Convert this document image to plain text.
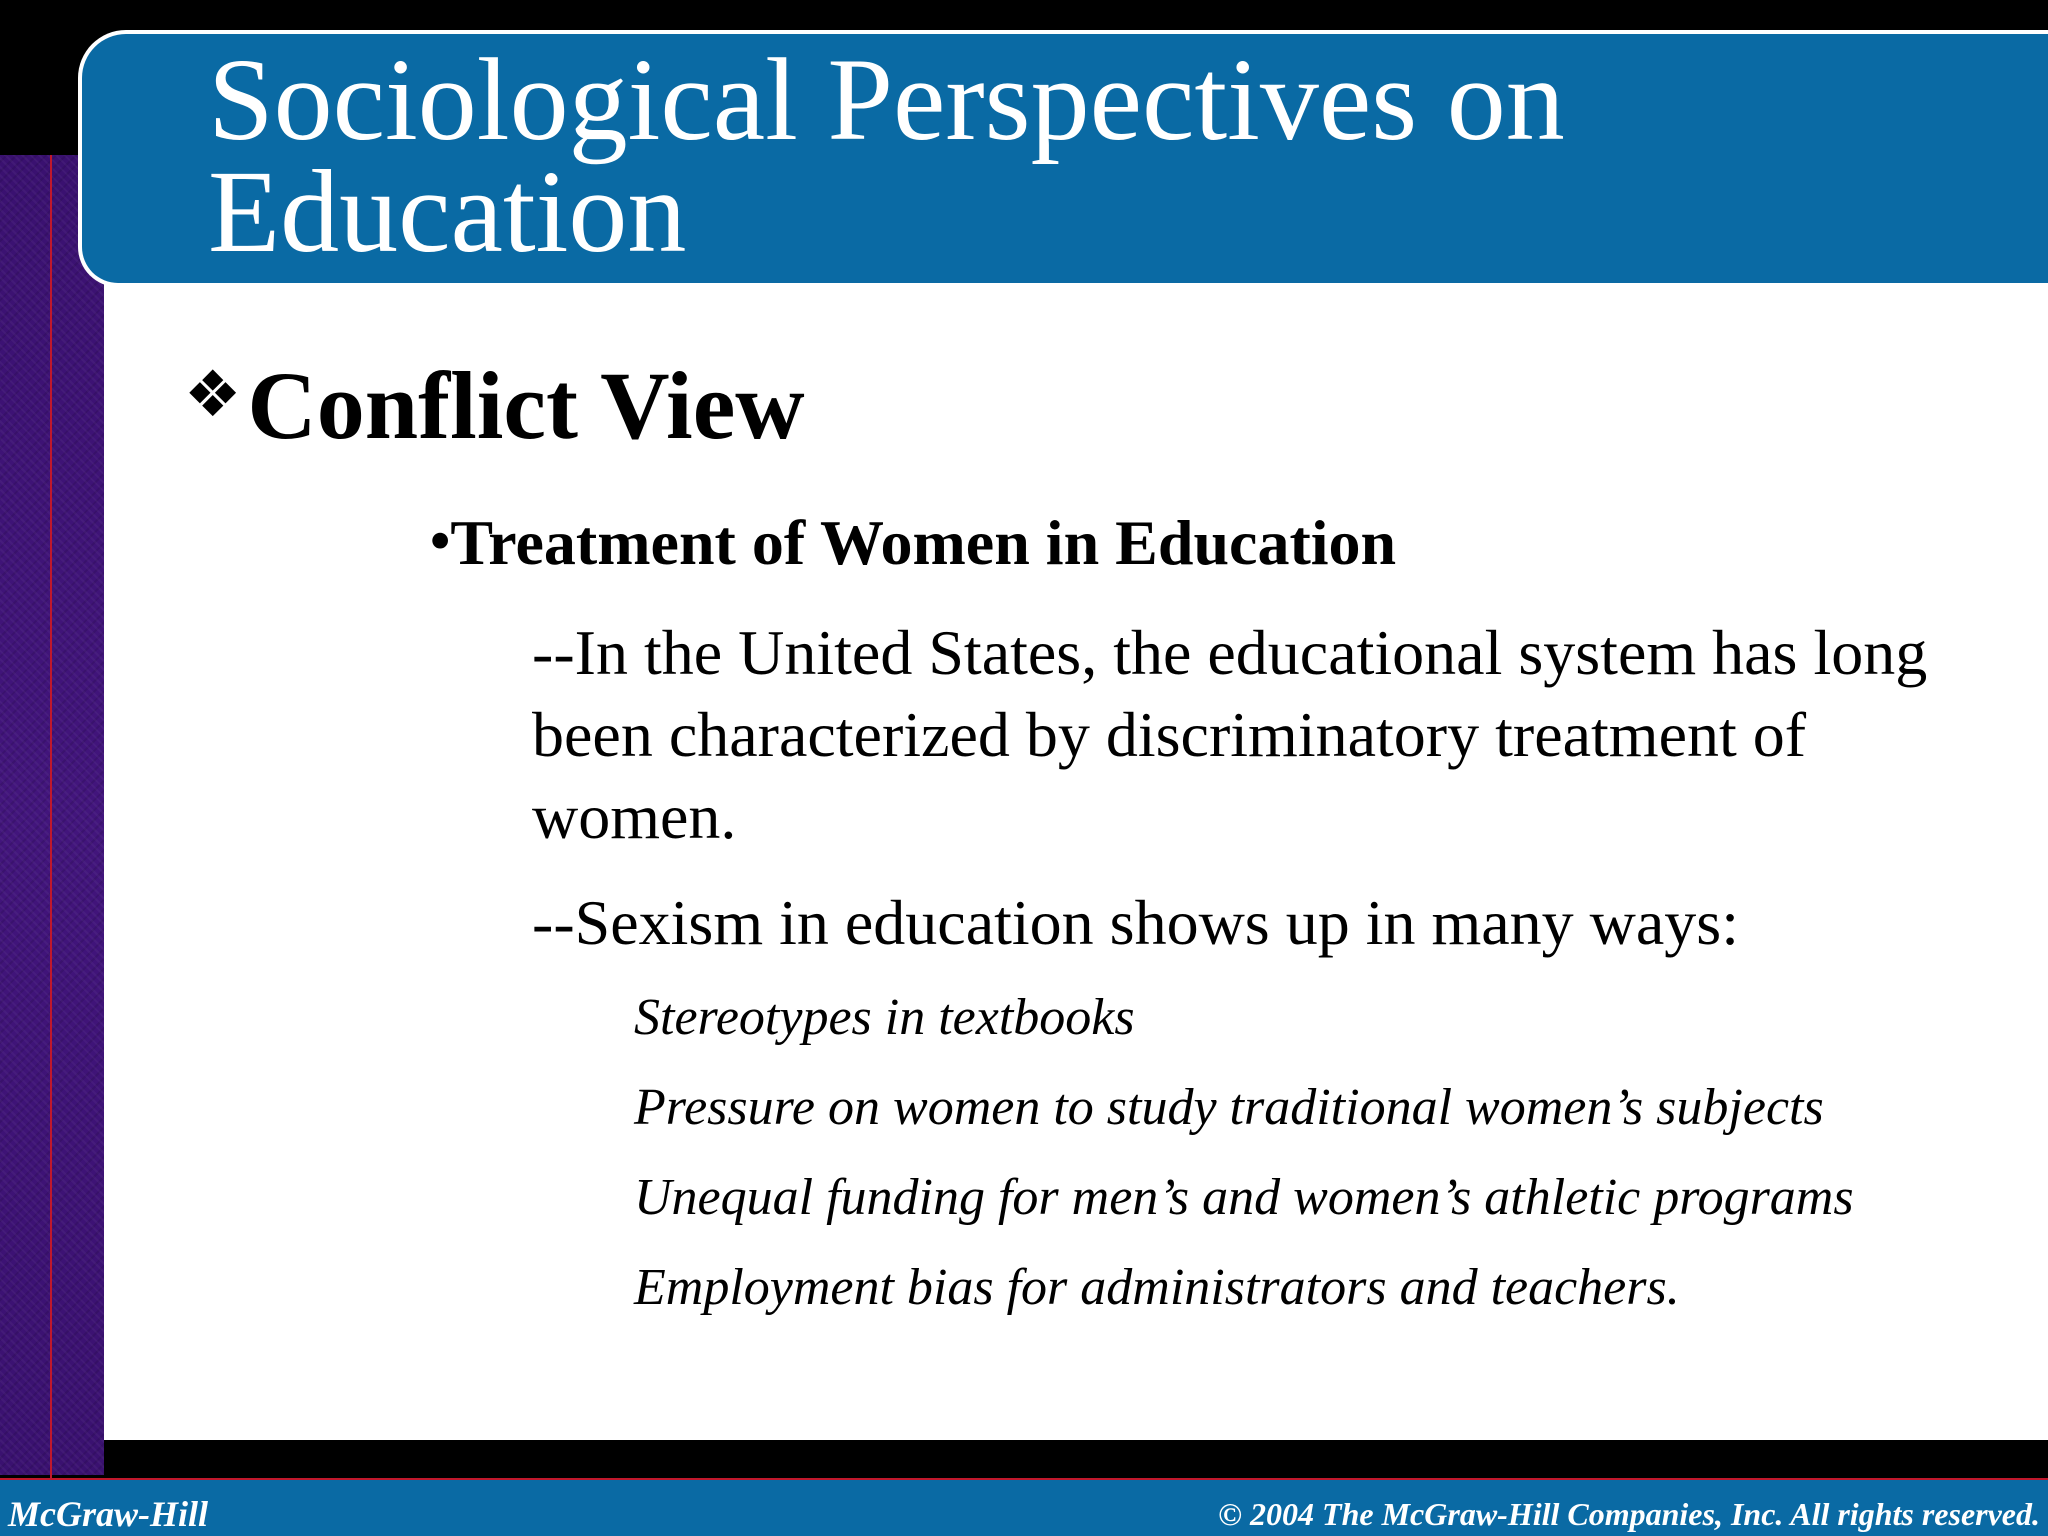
Sociological Perspectives on Education
❖Conflict View
•Treatment of Women in Education

--In the United States, the educational system has long been characterized by discriminatory treatment of women.

--Sexism in education shows up in many ways:

Stereotypes in textbooks
Pressure on women to study traditional women’s subjects
Unequal funding for men’s and women’s athletic programs
Employment bias for administrators and teachers.
McGraw-Hill	© 2004 The McGraw-Hill Companies, Inc. All rights reserved.
